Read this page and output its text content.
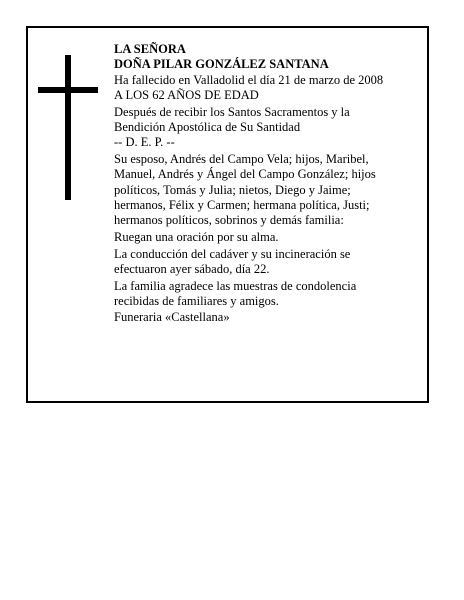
LA SEÑORA

DOÑA PILAR GONZÁLEZ SANTANA

Ha fallecido en Valladolid el día 21 de marzo de 2008

A LOS 62 AÑOS DE EDAD

Después de recibir los Santos Sacramentos y la

Bendición Apostólica de Su Santidad

-- D. E. P. --

Su esposo, Andrés del Campo Vela; hijos, Maribel,

Manuel, Andrés y Ángel del Campo González; hijos

políticos, Tomás y Julia; nietos, Diego y Jaime;

hermanos, Félix y Carmen; hermana política, Justi;

hermanos políticos, sobrinos y demás familia:

Ruegan una oración por su alma.

La conducción del cadáver y su incineración se

efectuaron ayer sábado, día 22.

La familia agradece las muestras de condolencia

recibidas de familiares y amigos.

Funeraria «Castellana»
